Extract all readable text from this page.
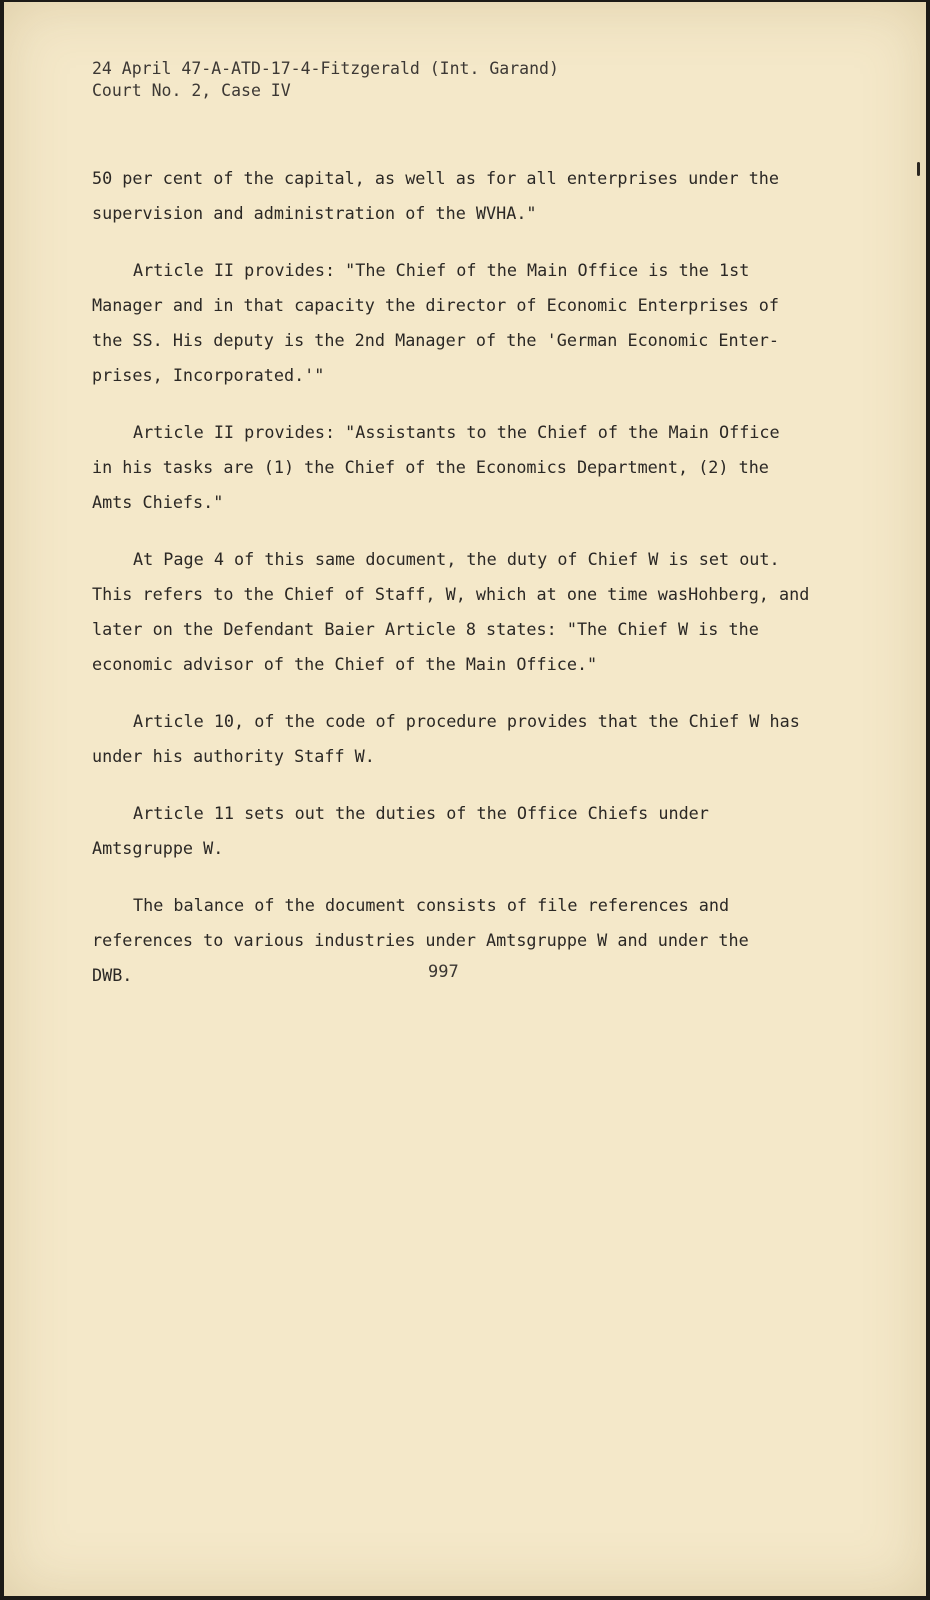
24 April 47-A-ATD-17-4-Fitzgerald (Int. Garand)
Court No. 2, Case IV
50 per cent of the capital, as well as for all enterprises under the
supervision and administration of the WVHA."
Article II provides: "The Chief of the Main Office is the 1st
Manager and in that capacity the director of Economic Enterprises of
the SS. His deputy is the 2nd Manager of the 'German Economic Enter-
prises, Incorporated.'"
Article II provides: "Assistants to the Chief of the Main Office
in his tasks are (1) the Chief of the Economics Department, (2) the
Amts Chiefs."
At Page 4 of this same document, the duty of Chief W is set out.
This refers to the Chief of Staff, W, which at one time wasHohberg, and
later on the Defendant Baier Article 8 states: "The Chief W is the
economic advisor of the Chief of the Main Office."
Article 10, of the code of procedure provides that the Chief W has
under his authority Staff W.
Article 11 sets out the duties of the Office Chiefs under
Amtsgruppe W.
The balance of the document consists of file references and
references to various industries under Amtsgruppe W and under the
DWB.	997
